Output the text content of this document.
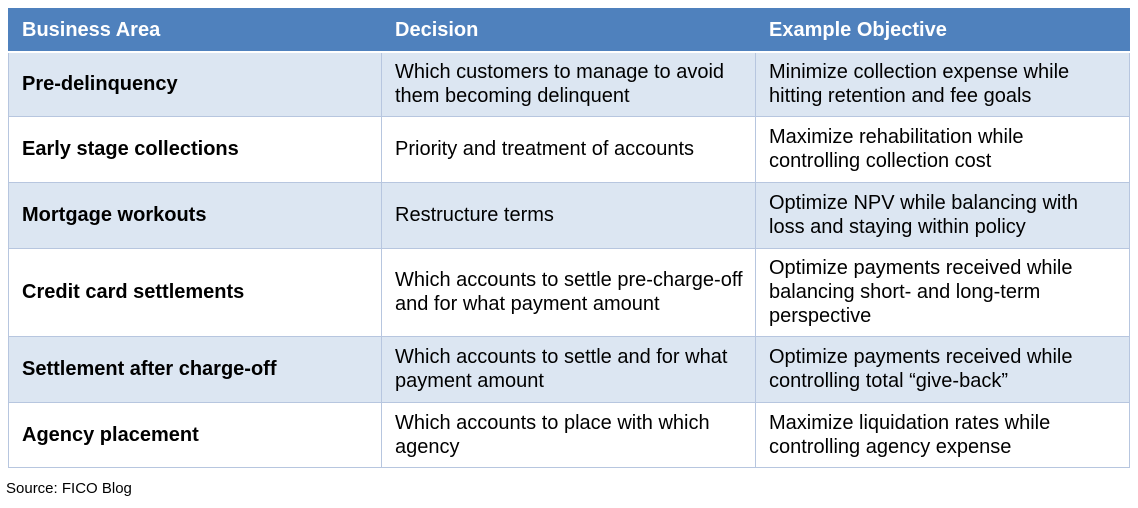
Business Area	Decision	Example Objective
Pre-delinquency	Which customers to manage to avoid them becoming delinquent	Minimize collection expense while hitting retention and fee goals
Early stage collections	Priority and treatment of accounts	Maximize rehabilitation while controlling collection cost
Mortgage workouts	Restructure terms	Optimize NPV while balancing with loss and staying within policy
Credit card settlements	Which accounts to settle pre-charge-off and for what payment amount	Optimize payments received while balancing short- and long-term perspective
Settlement after charge-off	Which accounts to settle and for what payment amount	Optimize payments received while controlling total “give-back”
Agency placement	Which accounts to place with which agency	Maximize liquidation rates while controlling agency expense
Source: FICO Blog
